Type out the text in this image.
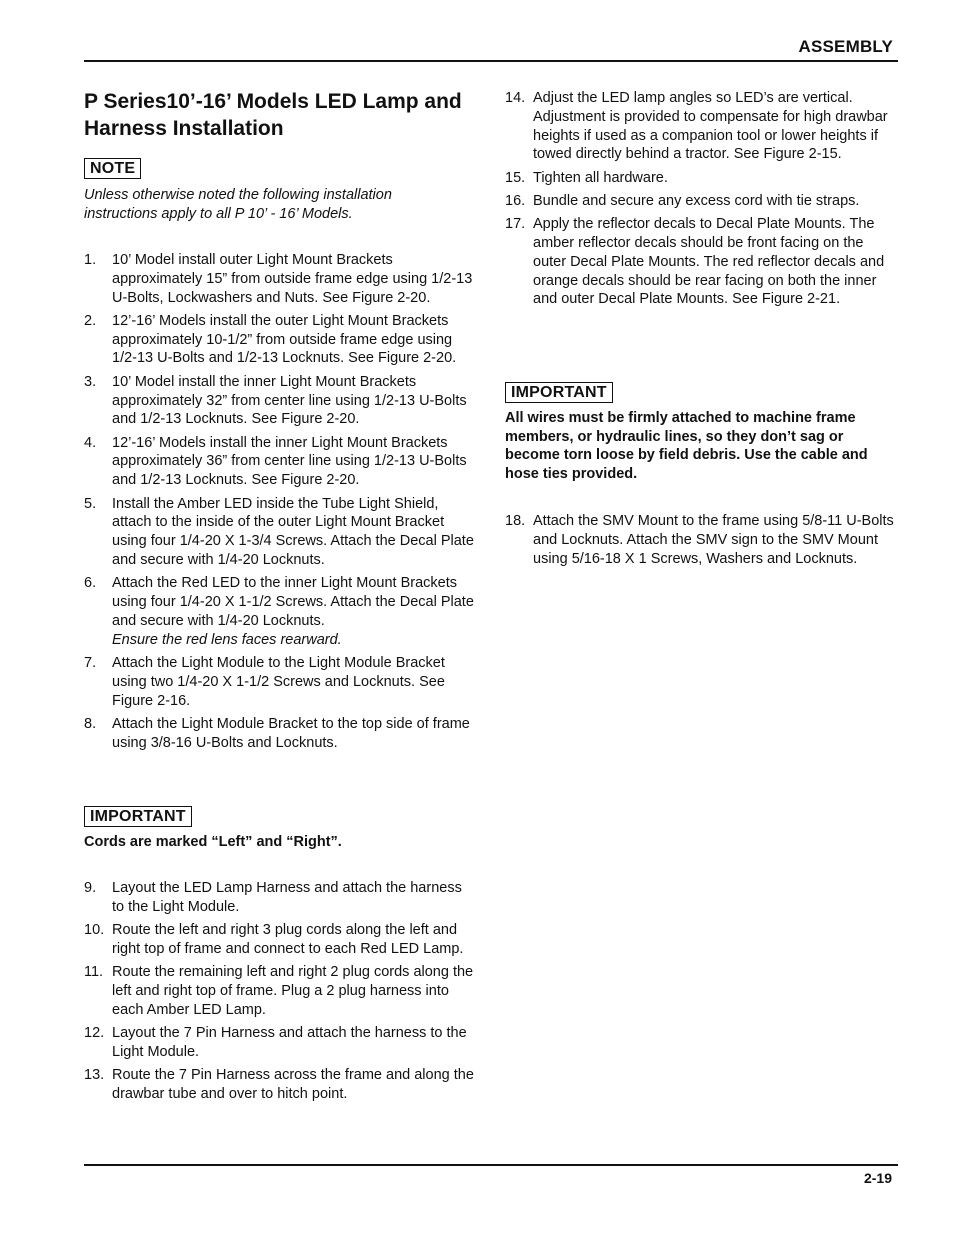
ASSEMBLY
P Series10’-16’ Models LED Lamp and
Harness Installation
NOTE
Unless otherwise noted the following installation
instructions apply to all P 10’ - 16’ Models.
1. 10’ Model install outer Light Mount Brackets approximately 15” from outside frame edge using 1/2-13 U-Bolts, Lockwashers and Nuts. See Figure 2-20.
2. 12’-16’ Models install the outer Light Mount Brackets approximately 10-1/2” from outside frame edge using 1/2-13 U-Bolts and 1/2-13 Locknuts. See Figure 2-20.
3. 10’ Model install the inner Light Mount Brackets approximately 32” from center line using 1/2-13 U-Bolts and 1/2-13 Locknuts. See Figure 2-20.
4. 12’-16’ Models install the inner Light Mount Brackets approximately 36” from center line using 1/2-13 U-Bolts and 1/2-13 Locknuts. See Figure 2-20.
5. Install the Amber LED inside the Tube Light Shield, attach to the inside of the outer Light Mount Bracket using four 1/4-20 X 1-3/4 Screws. Attach the Decal Plate and secure with 1/4-20 Locknuts.
6. Attach the Red LED to the inner Light Mount Brackets using four 1/4-20 X 1-1/2 Screws. Attach the Decal Plate and secure with 1/4-20 Locknuts.
Ensure the red lens faces rearward.
7. Attach the Light Module to the Light Module Bracket using two 1/4-20 X 1-1/2 Screws and Locknuts. See Figure 2-16.
8. Attach the Light Module Bracket to the top side of frame using 3/8-16 U-Bolts and Locknuts.
IMPORTANT
Cords are marked “Left” and “Right”.
9. Layout the LED Lamp Harness and attach the harness to the Light Module.
10. Route the left and right 3 plug cords along the left and right top of frame and connect to each Red LED Lamp.
11. Route the remaining left and right 2 plug cords along the left and right top of frame. Plug a 2 plug harness into each Amber LED Lamp.
12. Layout the 7 Pin Harness and attach the harness to the Light Module.
13. Route the 7 Pin Harness across the frame and along the drawbar tube and over to hitch point.
14. Adjust the LED lamp angles so LED’s are vertical. Adjustment is provided to compensate for high drawbar heights if used as a companion tool or lower heights if towed directly behind a tractor. See Figure 2-15.
15. Tighten all hardware.
16. Bundle and secure any excess cord with tie straps.
17. Apply the reflector decals to Decal Plate Mounts. The amber reflector decals should be front facing on the outer Decal Plate Mounts. The red reflector decals and orange decals should be rear facing on both the inner and outer Decal Plate Mounts. See Figure 2-21.
IMPORTANT
All wires must be firmly attached to machine frame members, or hydraulic lines, so they don’t sag or become torn loose by field debris. Use the cable and hose ties provided.
18. Attach the SMV Mount to the frame using 5/8-11 U-Bolts and Locknuts. Attach the SMV sign to the SMV Mount using 5/16-18 X 1 Screws, Washers and Locknuts.
2-19
